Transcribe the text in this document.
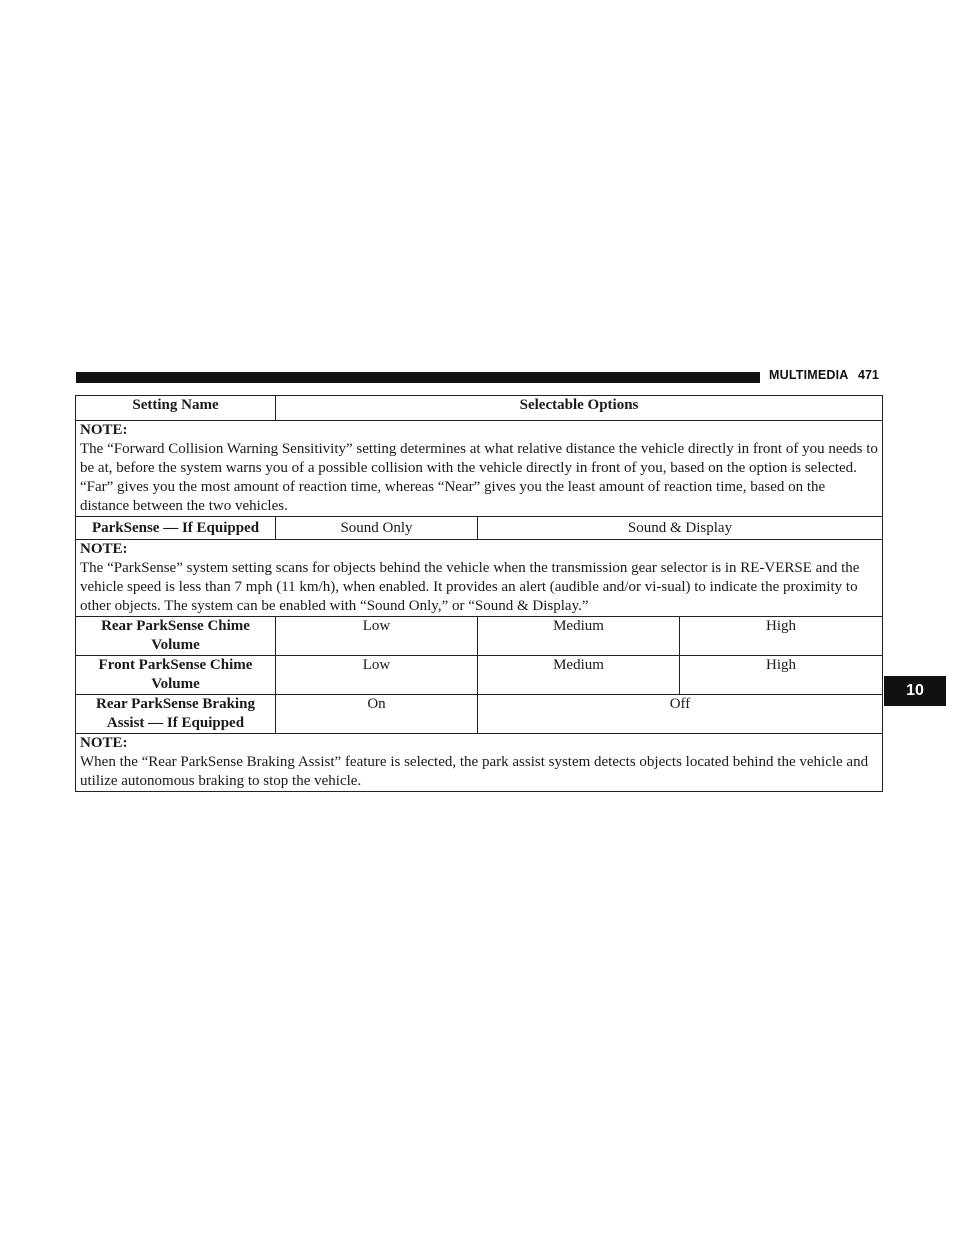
MULTIMEDIA 471
10
Setting Name	Selectable Options		

NOTE:
The “Forward Collision Warning Sensitivity” setting determines at what relative distance the vehicle directly in front of you needs to be at, before the system warns you of a possible collision with the vehicle directly in front of you, based on the option is selected. “Far” gives you the most amount of reaction time, whereas “Near” gives you the least amount of reaction time, based on the distance between the two vehicles.			

ParkSense — If Equipped	Sound Only	Sound & Display	

NOTE:
The “ParkSense” system setting scans for objects behind the vehicle when the transmission gear selector is in RE-VERSE and the vehicle speed is less than 7 mph (11 km/h), when enabled. It provides an alert (audible and/or vi-sual) to indicate the proximity to other objects. The system can be enabled with “Sound Only,” or “Sound & Display.”			

Rear ParkSense Chime Volume	Low	Medium	High
Front ParkSense Chime Volume	Low	Medium	High
Rear ParkSense Braking Assist — If Equipped	On	Off	

NOTE:
When the “Rear ParkSense Braking Assist” feature is selected, the park assist system detects objects located behind the vehicle and utilize autonomous braking to stop the vehicle.			
